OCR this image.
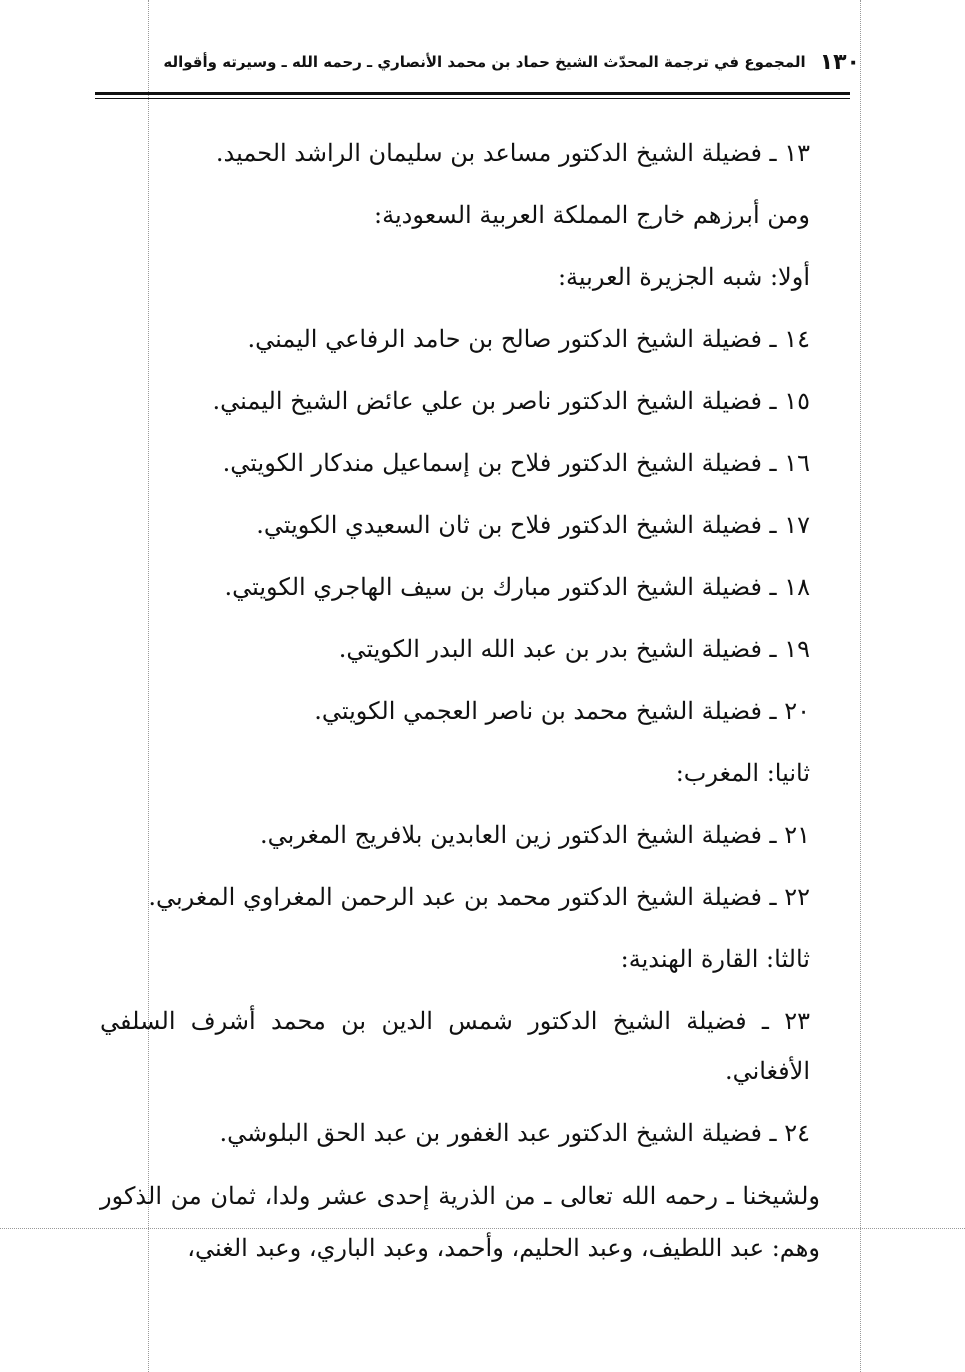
١٣٠
المجموع في ترجمة المحدّث الشيخ حماد بن محمد الأنصاري ـ رحمه الله ـ وسيرته وأقواله
١٣ ـ فضيلة الشيخ الدكتور مساعد بن سليمان الراشد الحميد.
ومن أبرزهم خارج المملكة العربية السعودية:
أولا: شبه الجزيرة العربية:
١٤ ـ فضيلة الشيخ الدكتور صالح بن حامد الرفاعي اليمني.
١٥ ـ فضيلة الشيخ الدكتور ناصر بن علي عائض الشيخ اليمني.
١٦ ـ فضيلة الشيخ الدكتور فلاح بن إسماعيل مندكار الكويتي.
١٧ ـ فضيلة الشيخ الدكتور فلاح بن ثان السعيدي الكويتي.
١٨ ـ فضيلة الشيخ الدكتور مبارك بن سيف الهاجري الكويتي.
١٩ ـ فضيلة الشيخ بدر بن عبد الله البدر الكويتي.
٢٠ ـ فضيلة الشيخ محمد بن ناصر العجمي الكويتي.
ثانيا: المغرب:
٢١ ـ فضيلة الشيخ الدكتور زين العابدين بلافريج المغربي.
٢٢ ـ فضيلة الشيخ الدكتور محمد بن عبد الرحمن المغراوي المغربي.
ثالثا: القارة الهندية:
٢٣ ـ فضيلة الشيخ الدكتور شمس الدين بن محمد أشرف السلفي الأفغاني.
٢٤ ـ فضيلة الشيخ الدكتور عبد الغفور بن عبد الحق البلوشي.
ولشيخنا ـ رحمه الله تعالى ـ من الذرية إحدى عشر ولدا، ثمان من الذكور وهم: عبد اللطيف، وعبد الحليم، وأحمد، وعبد الباري، وعبد الغني،
